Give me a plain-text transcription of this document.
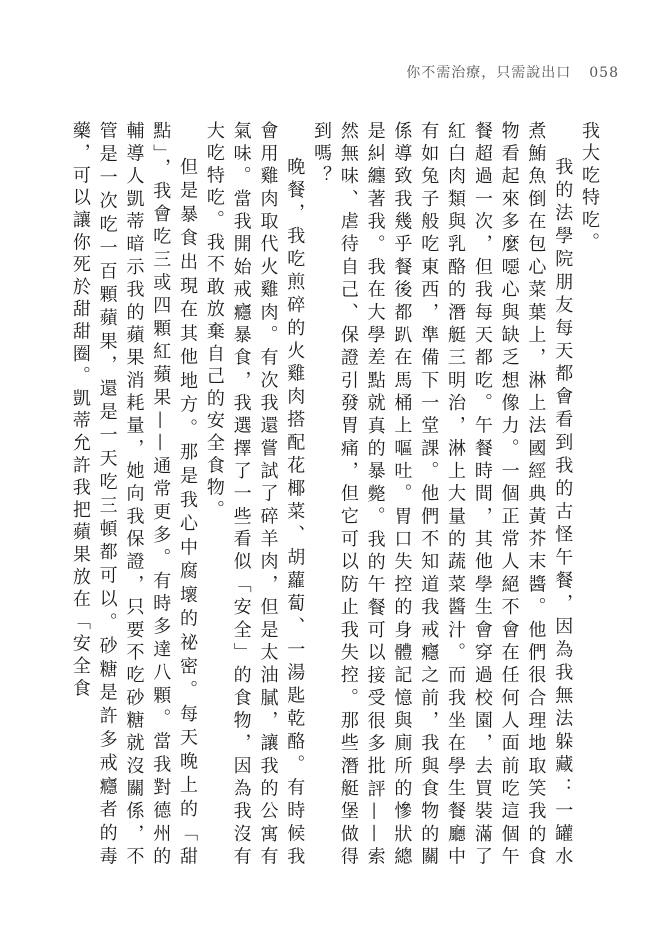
你不需治療，只需說出口 058

我大吃特吃。

我的法學院朋友每天都會看到我的古怪午餐，因為我無法躲藏：一罐水煮鮪魚倒在包心菜葉上，淋上法國經典黃芥末醬。他們很合理地取笑我的食物看起來多麼噁心與缺乏想像力。一個正常人絕不會在任何人面前吃這個午餐超過一次，但我每天都吃。午餐時間，其他學生會穿過校園，去買裝滿了紅白肉類與乳酪的潛艇三明治，淋上大量的蔬菜醬汁。而我坐在學生餐廳中有如兔子般吃東西，準備下一堂課。他們不知道我戒癮之前，我與食物的關係導致我幾乎餐後都趴在馬桶上嘔吐。胃口失控的身體記憶與廁所的慘狀總是糾纏著我。我在大學差點就真的暴斃。我的午餐可以接受很多批評——索然無味、虐待自己、保證引發胃痛，但它可以防止我失控。那些潛艇堡做得到嗎？

晚餐，我吃煎碎的火雞肉搭配花椰菜、胡蘿蔔、一湯匙乾酪。有時候我會用雞肉取代火雞肉。有次我還嘗試了碎羊肉，但是太油膩，讓我的公寓有氣味。當我開始戒癮暴食，我選擇了一些看似「安全」的食物，因為我沒有大吃特吃。我不敢放棄自己的安全食物。

但是暴食出現在其他地方。那是我心中腐壞的祕密。每天晚上的「甜點」，我會吃三或四顆紅蘋果——通常更多。有時多達八顆。當我對德州的輔導人凱蒂暗示我的蘋果消耗量，她向我保證，只要不吃砂糖就沒關係，不管是一次吃一百顆蘋果，還是一天吃三頓都可以。砂糖是許多戒癮者的毒藥，可以讓你死於甜甜圈。凱蒂允許我把蘋果放在「安全食
